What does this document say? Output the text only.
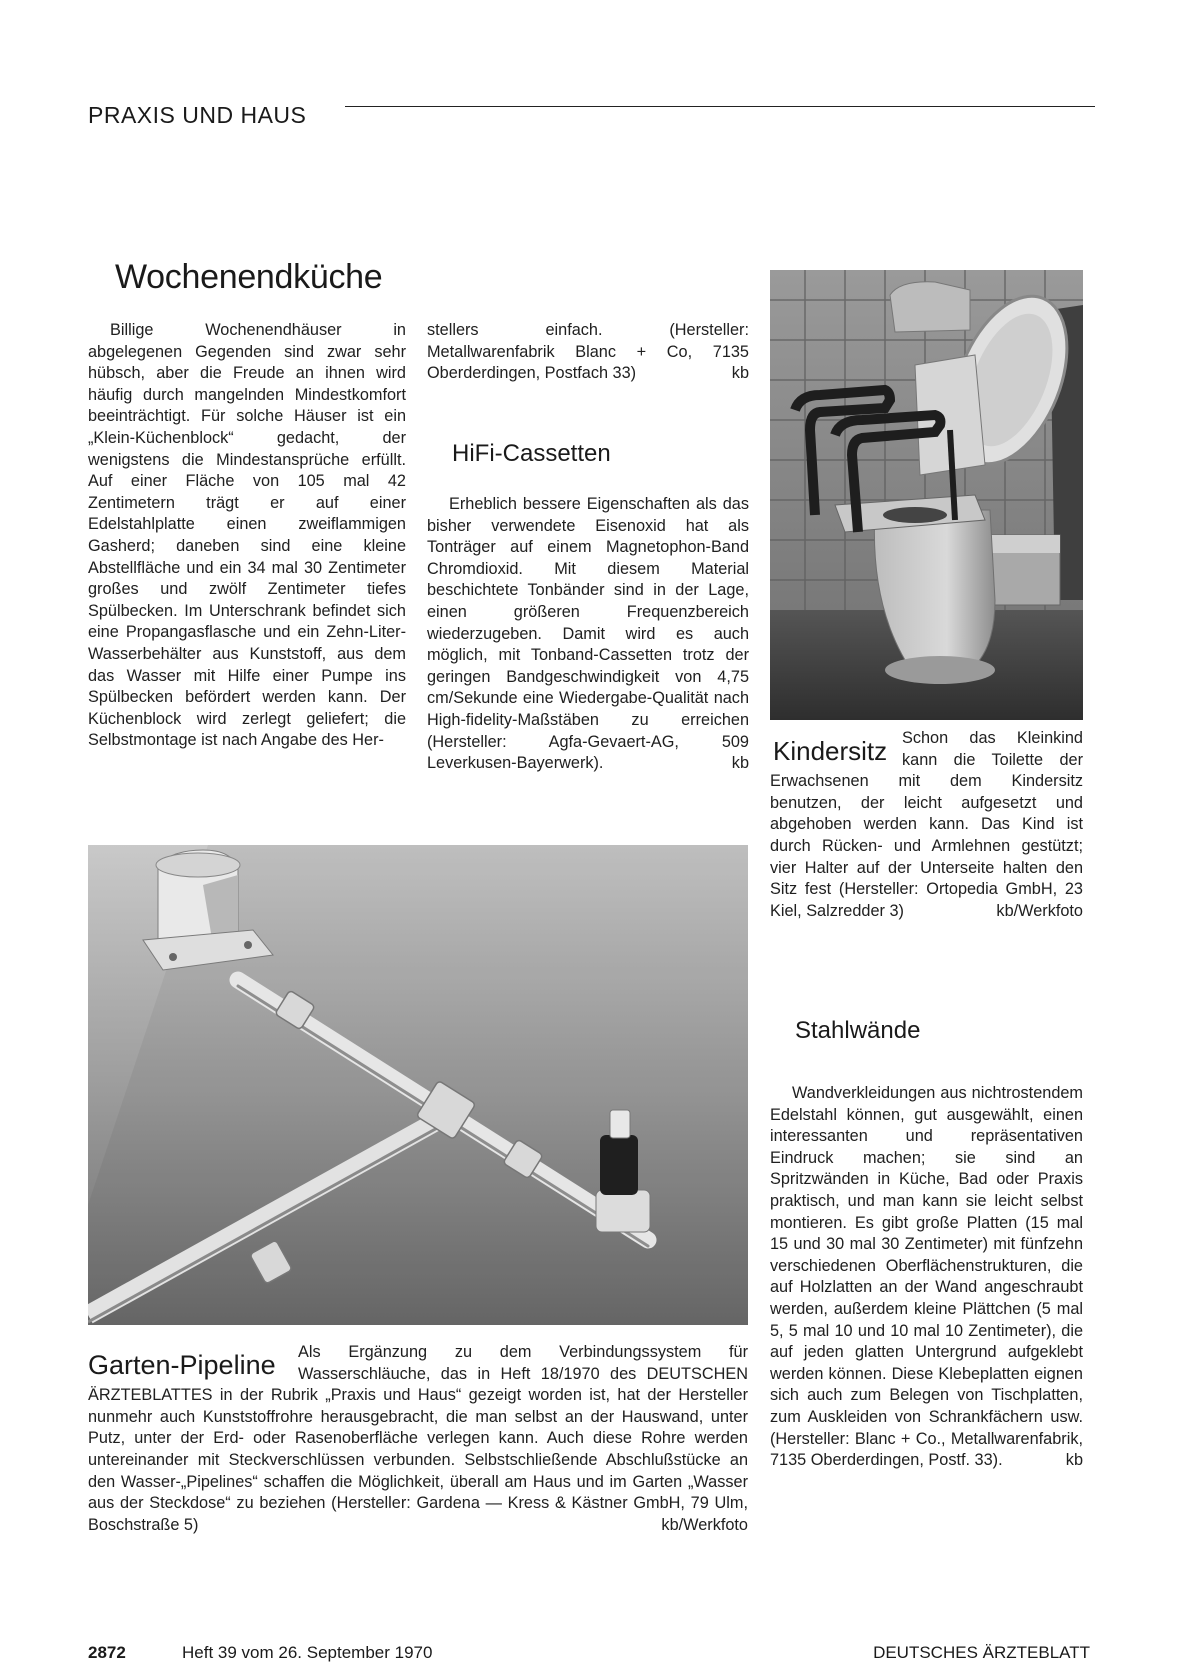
PRAXIS UND HAUS
Wochenendküche

Billige Wochenendhäuser in abgelegenen Gegenden sind zwar sehr hübsch, aber die Freude an ihnen wird häufig durch mangelnden Mindestkomfort beeinträchtigt. Für solche Häuser ist ein „Klein-Küchenblock“ gedacht, der wenigstens die Mindestansprüche erfüllt. Auf einer Fläche von 105 mal 42 Zentimetern trägt er auf einer Edelstahlplatte einen zweiflammigen Gasherd; daneben sind eine kleine Abstellfläche und ein 34 mal 30 Zentimeter großes und zwölf Zentimeter tiefes Spülbecken. Im Unterschrank befindet sich eine Propangasflasche und ein Zehn-Liter-Wasserbehälter aus Kunststoff, aus dem das Wasser mit Hilfe einer Pumpe ins Spülbecken befördert werden kann. Der Küchenblock wird zerlegt geliefert; die Selbstmontage ist nach Angabe des Her-

stellers einfach. (Hersteller: Metallwarenfabrik Blanc + Co, 7135 Oberderdingen, Postfach 33)	kb

HiFi-Cassetten

Erheblich bessere Eigenschaften als das bisher verwendete Eisenoxid hat als Tonträger auf einem Magnetophon-Band Chromdioxid. Mit diesem Material beschichtete Tonbänder sind in der Lage, einen größeren Frequenzbereich wiederzugeben. Damit wird es auch möglich, mit Tonband-Cassetten trotz der geringen Bandgeschwindigkeit von 4,75 cm/Sekunde eine Wiedergabe-Qualität nach High-fidelity-Maßstäben zu erreichen (Hersteller: Agfa-Gevaert-AG, 509 Leverkusen-Bayerwerk).	kb Kindersitz Schon das Kleinkind kann die Toilette der Erwachsenen mit dem Kindersitz benutzen, der leicht aufgesetzt und abgehoben werden kann. Das Kind ist durch Rücken- und Armlehnen gestützt; vier Halter auf der Unterseite halten den Sitz fest (Hersteller: Ortopedia GmbH, 23 Kiel, Salzredder 3)	kb/Werkfoto

Stahlwände

Wandverkleidungen aus nichtrostendem Edelstahl können, gut ausgewählt, einen interessanten und repräsentativen Eindruck machen; sie sind an Spritzwänden in Küche, Bad oder Praxis praktisch, und man kann sie leicht selbst montieren. Es gibt große Platten (15 mal 15 und 30 mal 30 Zentimeter) mit fünfzehn verschiedenen Oberflächenstrukturen, die auf Holzlatten an der Wand angeschraubt werden, außerdem kleine Plättchen (5 mal 5, 5 mal 10 und 10 mal 10 Zentimeter), die auf jeden glatten Untergrund aufgeklebt werden können. Diese Klebeplatten eignen sich auch zum Belegen von Tischplatten, zum Auskleiden von Schrankfächern usw. (Hersteller: Blanc + Co., Metallwarenfabrik, 7135 Oberderdingen, Postf. 33).	kb

Garten-Pipeline	Als Ergänzung zu dem Verbindungssystem für Wasserschläuche, das in Heft 18/1970 des DEUTSCHEN ÄRZTEBLATTES in der Rubrik „Praxis und Haus“ gezeigt worden ist, hat der Hersteller nunmehr auch Kunststoffrohre herausgebracht, die man selbst an der Hauswand, unter Putz, unter der Erd- oder Rasenoberfläche verlegen kann. Auch diese Rohre werden untereinander mit Steckverschlüssen verbunden. Selbstschließende Abschlußstücke an den Wasser-„Pipelines“ schaffen die Möglichkeit, überall am Haus und im Garten „Wasser aus der Steckdose“ zu beziehen (Hersteller: Gardena — Kress & Kästner GmbH, 79 Ulm, Boschstraße 5)	kb/Werkfoto

2872	Heft 39 vom 26. September 1970	DEUTSCHES ÄRZTEBLATT
